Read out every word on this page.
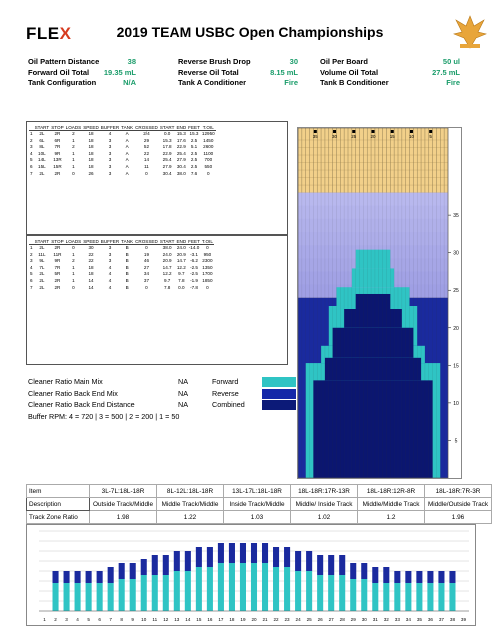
FLEX	2019 TEAM USBC Open Championships
Oil Pattern Distance	38	Reverse Brush Drop	30	Oil Per Board	50 ul
Forward Oil Total 19.35 mL	Reverse Oil Total	8.15 mL	Volume Oil Total	27.5 mL
Tank Configuration	N/A	Tank A Conditioner	Fire	Tank B Conditioner	Fire
	START	STOP	LOADS	SPEED	BUFFER	TANK	CROSSED	START	END	FEET	T.OIL
1	2L	2R	2	18	4	A	2/4	0.0	15.3	15.3	12950
2	6L	6R	1	18	3	A	29	15.3	17.6	2.5	1450
3	8L	7R	2	18	3	A	52	17.8	22.9	5.1	2600
4	10L	9R	1	18	3	A	22	22.9	25.4	2.5	1100
5	14L	13R	1	18	3	A	14	25.4	27.9	2.5	700
6	15L	15R	1	18	3	A	11	27.9	30.4	2.5	550
7	2L	2R	0	26	3	A	0	30.4	38.0	7.6	0
	START	STOP	LOADS	SPEED	BUFFER	TANK	CROSSED	START	END	FEET	T.OIL
1	2L	2R	0	30	3	B	0	38.0	24.0	-14.0	0
2	11L	11R	1	22	3	B	19	24.0	20.9	-3.1	950
3	9L	9R	2	22	3	B	46	20.9	14.7	-6.2	2300
4	7L	7R	1	18	4	B	27	14.7	12.2	-2.5	1350
5	2L	5R	1	18	4	B	34	12.2	9.7	-2.5	1700
6	2L	2R	1	14	4	B	37	9.7	7.8	-1.9	1850
7	2L	2R	0	14	4	B	0	7.8	0.0	-7.8	0
Cleaner Ratio Main Mix	NA
Cleaner Ratio Back End Mix	NA
Cleaner Ratio Back End Distance	NA
Buffer RPM: 4 = 720 | 3 = 500 | 2 = 200 | 1 = 50
Forward
Reverse
Combined
35	30	25	20	15	10	5
35
30
25
20
15
10
5
Item	3L-7L:18L-18R	8L-12L:18L-18R	13L-17L:18L-18R	18L-18R:17R-13R	18L-18R:12R-8R	18L-18R:7R-3R
Description	Outside Track/Middle	Middle Track/Middle	Inside Track/Middle	Middle/ Inside Track	Middle/Middle Track	Middle/Outside Track
Track Zone Ratio	1.98	1.22	1.03	1.02	1.2	1.96
1 2 3 4 5 6 7 8 9 10 11 12 13 14 15 16 17 18 19 20 21 22 23 24 25 26 27 28 29 30 31 32 33 34 35 36 37 38 39
